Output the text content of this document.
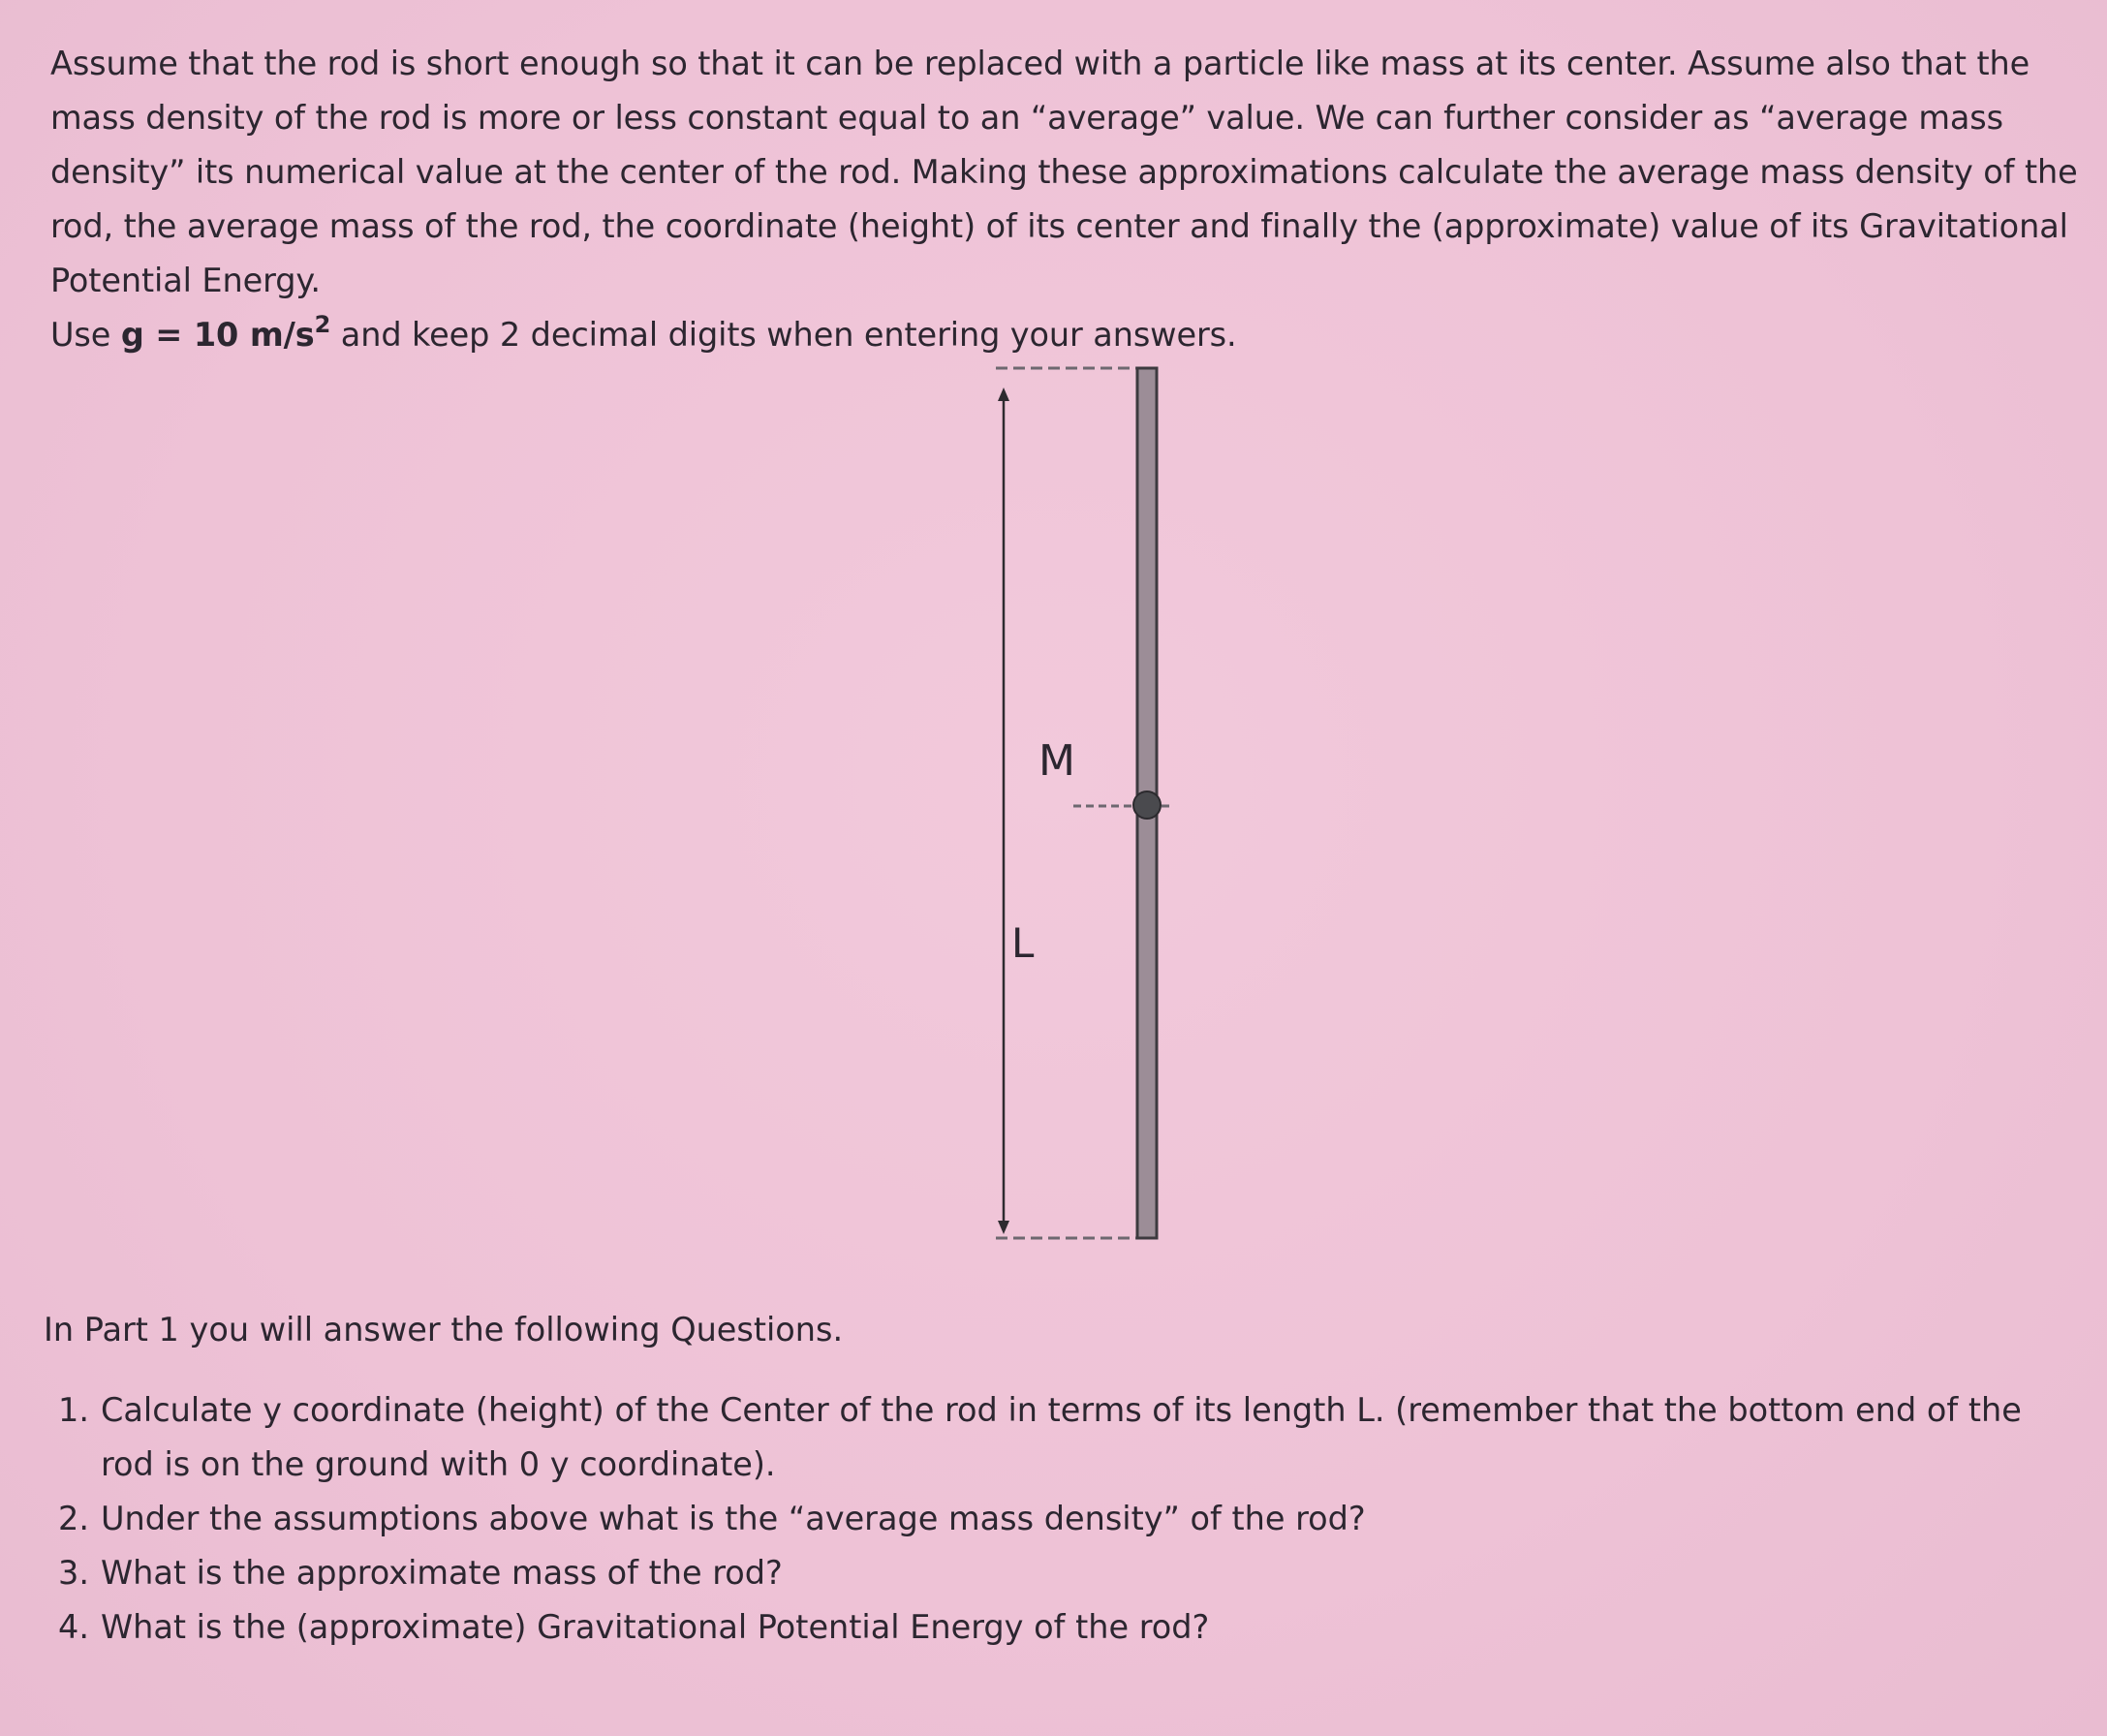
Assume that the rod is short enough so that it can be replaced with a particle like mass at its center. Assume also that the mass density of the rod is more or less constant equal to an “average” value. We can further consider as “average mass density” its numerical value at the center of the rod. Making these approximations calculate the average mass density of the rod, the average mass of the rod, the coordinate (height) of its center and finally the (approximate) value of its Gravitational Potential Energy.

Use g = 10 $m/s^2$ and keep 2 decimal digits when entering your answers.

M
L

In Part 1 you will answer the following Questions.

1. Calculate y coordinate (height) of the Center of the rod in terms of its length L. (remember that the bottom end of the rod is on the ground with 0 y coordinate).
2. Under the assumptions above what is the “average mass density” of the rod?
3. What is the approximate mass of the rod?
4. What is the (approximate) Gravitational Potential Energy of the rod?
